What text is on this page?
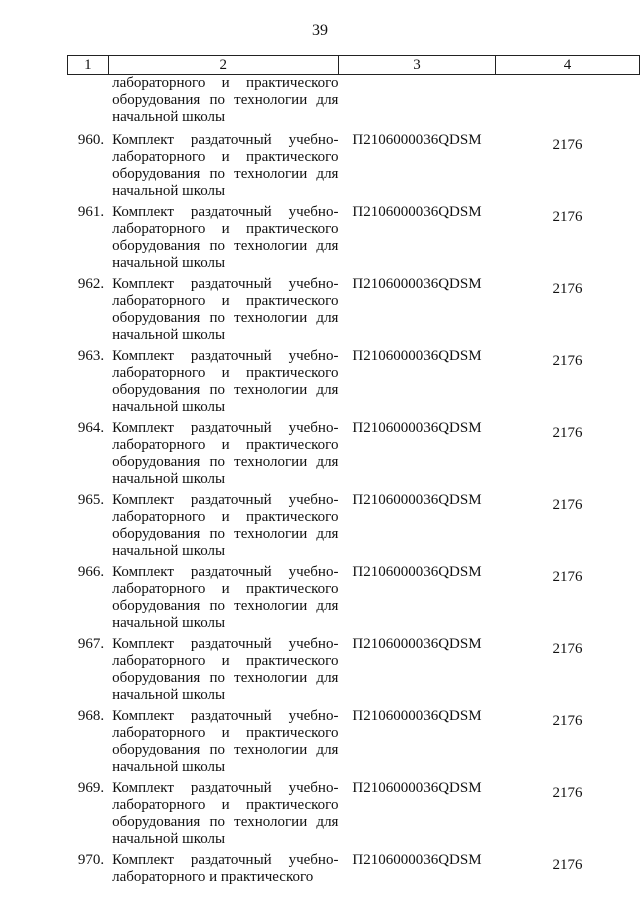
39
1	2	3	4

	лабораторного и практического
оборудования по технологии для
начальной школы		

960.	Комплект раздаточный учебно-
лабораторного и практического
оборудования по технологии для
начальной школы	П2106000036QDSM	2176
961.	Комплект раздаточный учебно-
лабораторного и практического
оборудования по технологии для
начальной школы	П2106000036QDSM	2176
962.	Комплект раздаточный учебно-
лабораторного и практического
оборудования по технологии для
начальной школы	П2106000036QDSM	2176
963.	Комплект раздаточный учебно-
лабораторного и практического
оборудования по технологии для
начальной школы	П2106000036QDSM	2176
964.	Комплект раздаточный учебно-
лабораторного и практического
оборудования по технологии для
начальной школы	П2106000036QDSM	2176
965.	Комплект раздаточный учебно-
лабораторного и практического
оборудования по технологии для
начальной школы	П2106000036QDSM	2176
966.	Комплект раздаточный учебно-
лабораторного и практического
оборудования по технологии для
начальной школы	П2106000036QDSM	2176
967.	Комплект раздаточный учебно-
лабораторного и практического
оборудования по технологии для
начальной школы	П2106000036QDSM	2176
968.	Комплект раздаточный учебно-
лабораторного и практического
оборудования по технологии для
начальной школы	П2106000036QDSM	2176
969.	Комплект раздаточный учебно-
лабораторного и практического
оборудования по технологии для
начальной школы	П2106000036QDSM	2176
970.	Комплект раздаточный учебно-
лабораторного и практического	П2106000036QDSM	2176
